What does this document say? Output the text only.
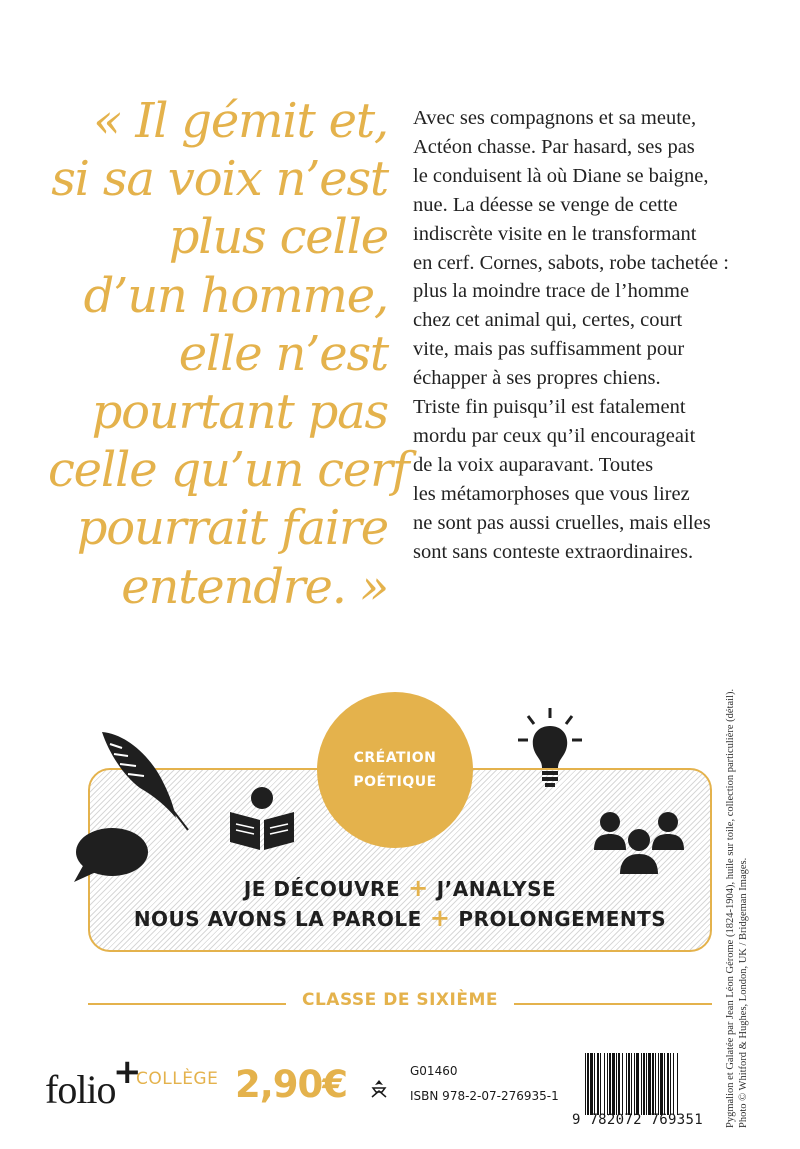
« Il gémit et,
si sa voix n’est
plus celle
d’un homme,
elle n’est
pourtant pas
celle qu’un cerf
pourrait faire
entendre. »
Avec ses compagnons et sa meute,
Actéon chasse. Par hasard, ses pas
le conduisent là où Diane se baigne,
nue. La déesse se venge de cette
indiscrète visite en le transformant
en cerf. Cornes, sabots, robe tachetée :
plus la moindre trace de l’homme
chez cet animal qui, certes, court
vite, mais pas suffisamment pour
échapper à ses propres chiens.
Triste fin puisqu’il est fatalement
mordu par ceux qu’il encourageait
de la voix auparavant. Toutes
les métamorphoses que vous lirez
ne sont pas aussi cruelles, mais elles
sont sans conteste extraordinaires.
CRÉATION
POÉTIQUE
JE DÉCOUVRE + J’ANALYSE
NOUS AVONS LA PAROLE + PROLONGEMENTS
CLASSE DE SIXIÈME
folio
+
COLLÈGE 2,90€	G01460
ISBN 978-2-07-276935-1
9 782072 769351	Pygmalion et Galatée par Jean Léon Gérome (1824-1904), huile sur toile, collection particulière (détail). Photo © Whitford & Hughes, London, UK / Bridgeman Images.
